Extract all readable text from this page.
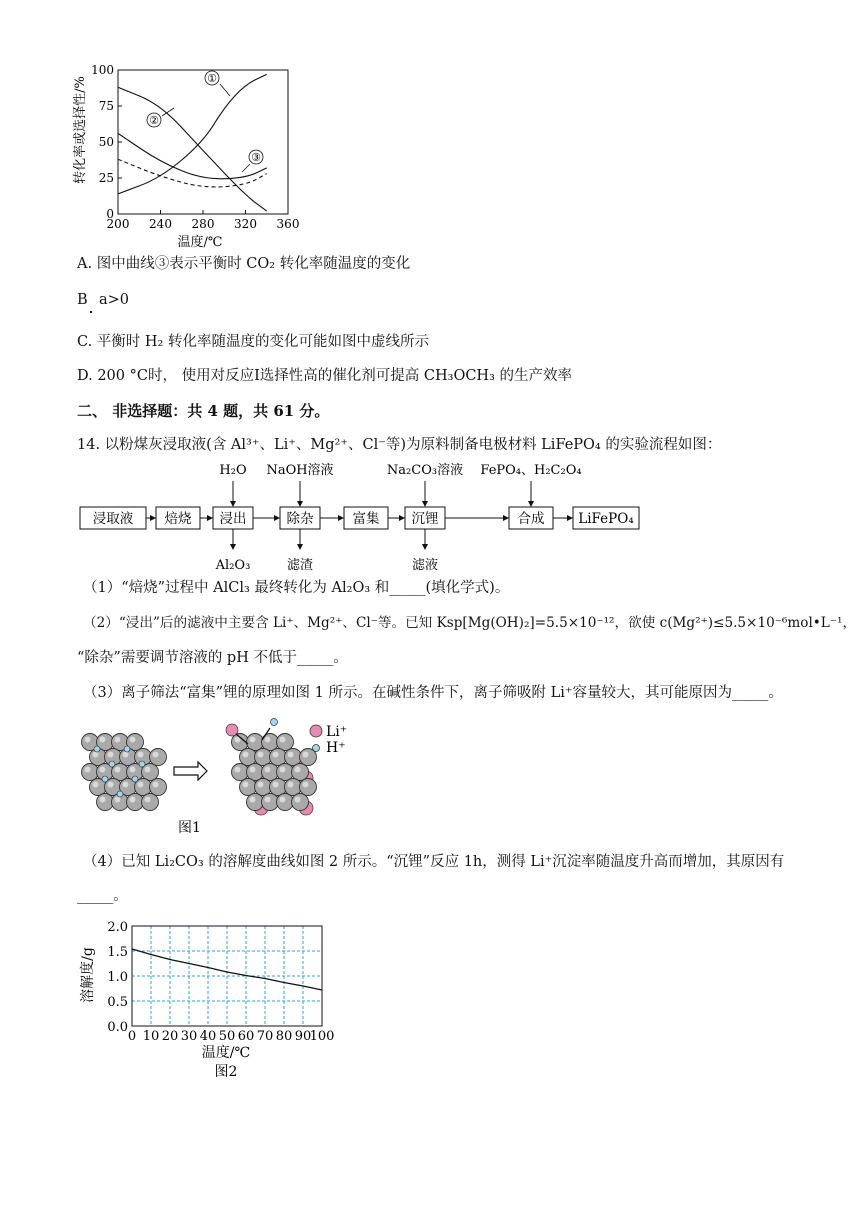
转化率或选择性/%
温度/℃
0
25
50
75
100
200 240 280 320 360
①
②
③
A. 图中曲线③表示平衡时 CO₂ 转化率随温度的变化
B a>0
C. 平衡时 H₂ 转化率随温度的变化可能如图中虚线所示
D. 200 °C时， 使用对反应Ⅰ选择性高的催化剂可提高 CH₃OCH₃ 的生产效率
二、 非选择题：共 4 题，共 61 分。
14. 以粉煤灰浸取液(含 Al³⁺、Li⁺、Mg²⁺、Cl⁻等)为原料制备电极材料 LiFePO₄ 的实验流程如图：
浸取液 焙烧 浸出	除杂	富集 沉锂	合成	LiFePO₄
H₂O NaOH溶液	Na₂CO₃溶液 FePO₄、H₂C₂O₄
Al₂O₃	滤渣	滤液
（1）“焙烧”过程中 AlCl₃ 最终转化为 Al₂O₃ 和_____(填化学式)。
（2）“浸出”后的滤液中主要含 Li⁺、Mg²⁺、Cl⁻等。已知 Ksp[Mg(OH)₂]=5.5×10⁻¹²，欲使 c(Mg²⁺)≤5.5×10⁻⁶mol•L⁻¹，
“除杂”需要调节溶液的 pH 不低于_____。
（3）离子筛法“富集”锂的原理如图 1 所示。在碱性条件下，离子筛吸附 Li⁺容量较大，其可能原因为_____。
Li⁺
H⁺
图1
（4）已知 Li₂CO₃ 的溶解度曲线如图 2 所示。“沉锂”反应 1h，测得 Li⁺沉淀率随温度升高而增加，其原因有
_____。
溶解度/g
温度/℃
图2
0 10 20 30 40 50 60 70 80 90
100
0.0
0.5
1.0
1.5
2.0
